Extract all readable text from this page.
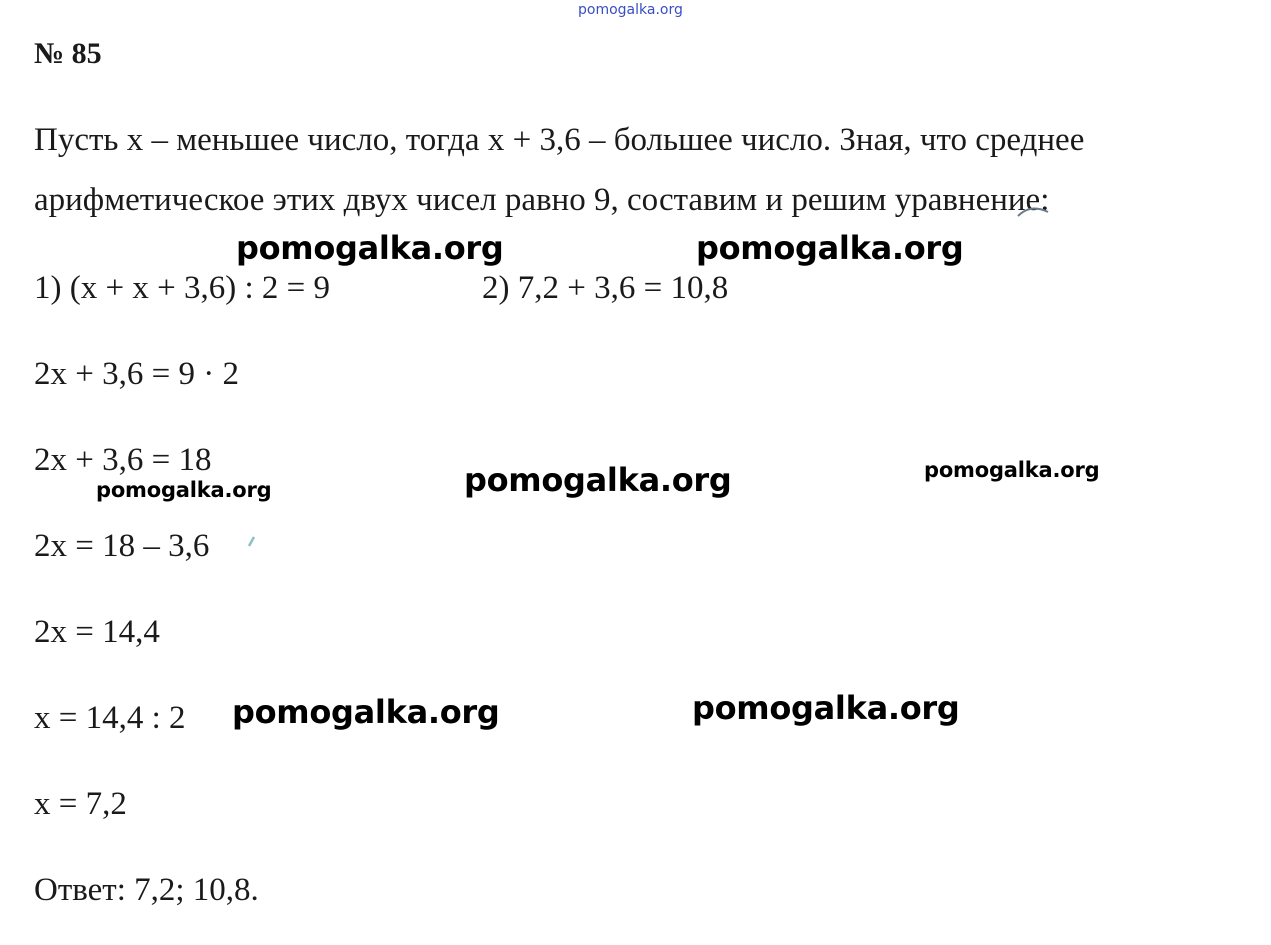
pomogalka.org
№ 85
Пусть x – меньшее число, тогда x + 3,6 – большее число. Зная, что среднее
арифметическое этих двух чисел равно 9, составим и решим уравнение:
1) (x + x + 3,6) : 2 = 9	2) 7,2 + 3,6 = 10,8
2x + 3,6 = 9 · 2
2x + 3,6 = 18
2x = 18 – 3,6
2x = 14,4
x = 14,4 : 2
x = 7,2
Ответ: 7,2; 10,8.
pomogalka.org	pomogalka.org
pomogalka.org	pomogalka.org	pomogalka.org
pomogalka.org	pomogalka.org
